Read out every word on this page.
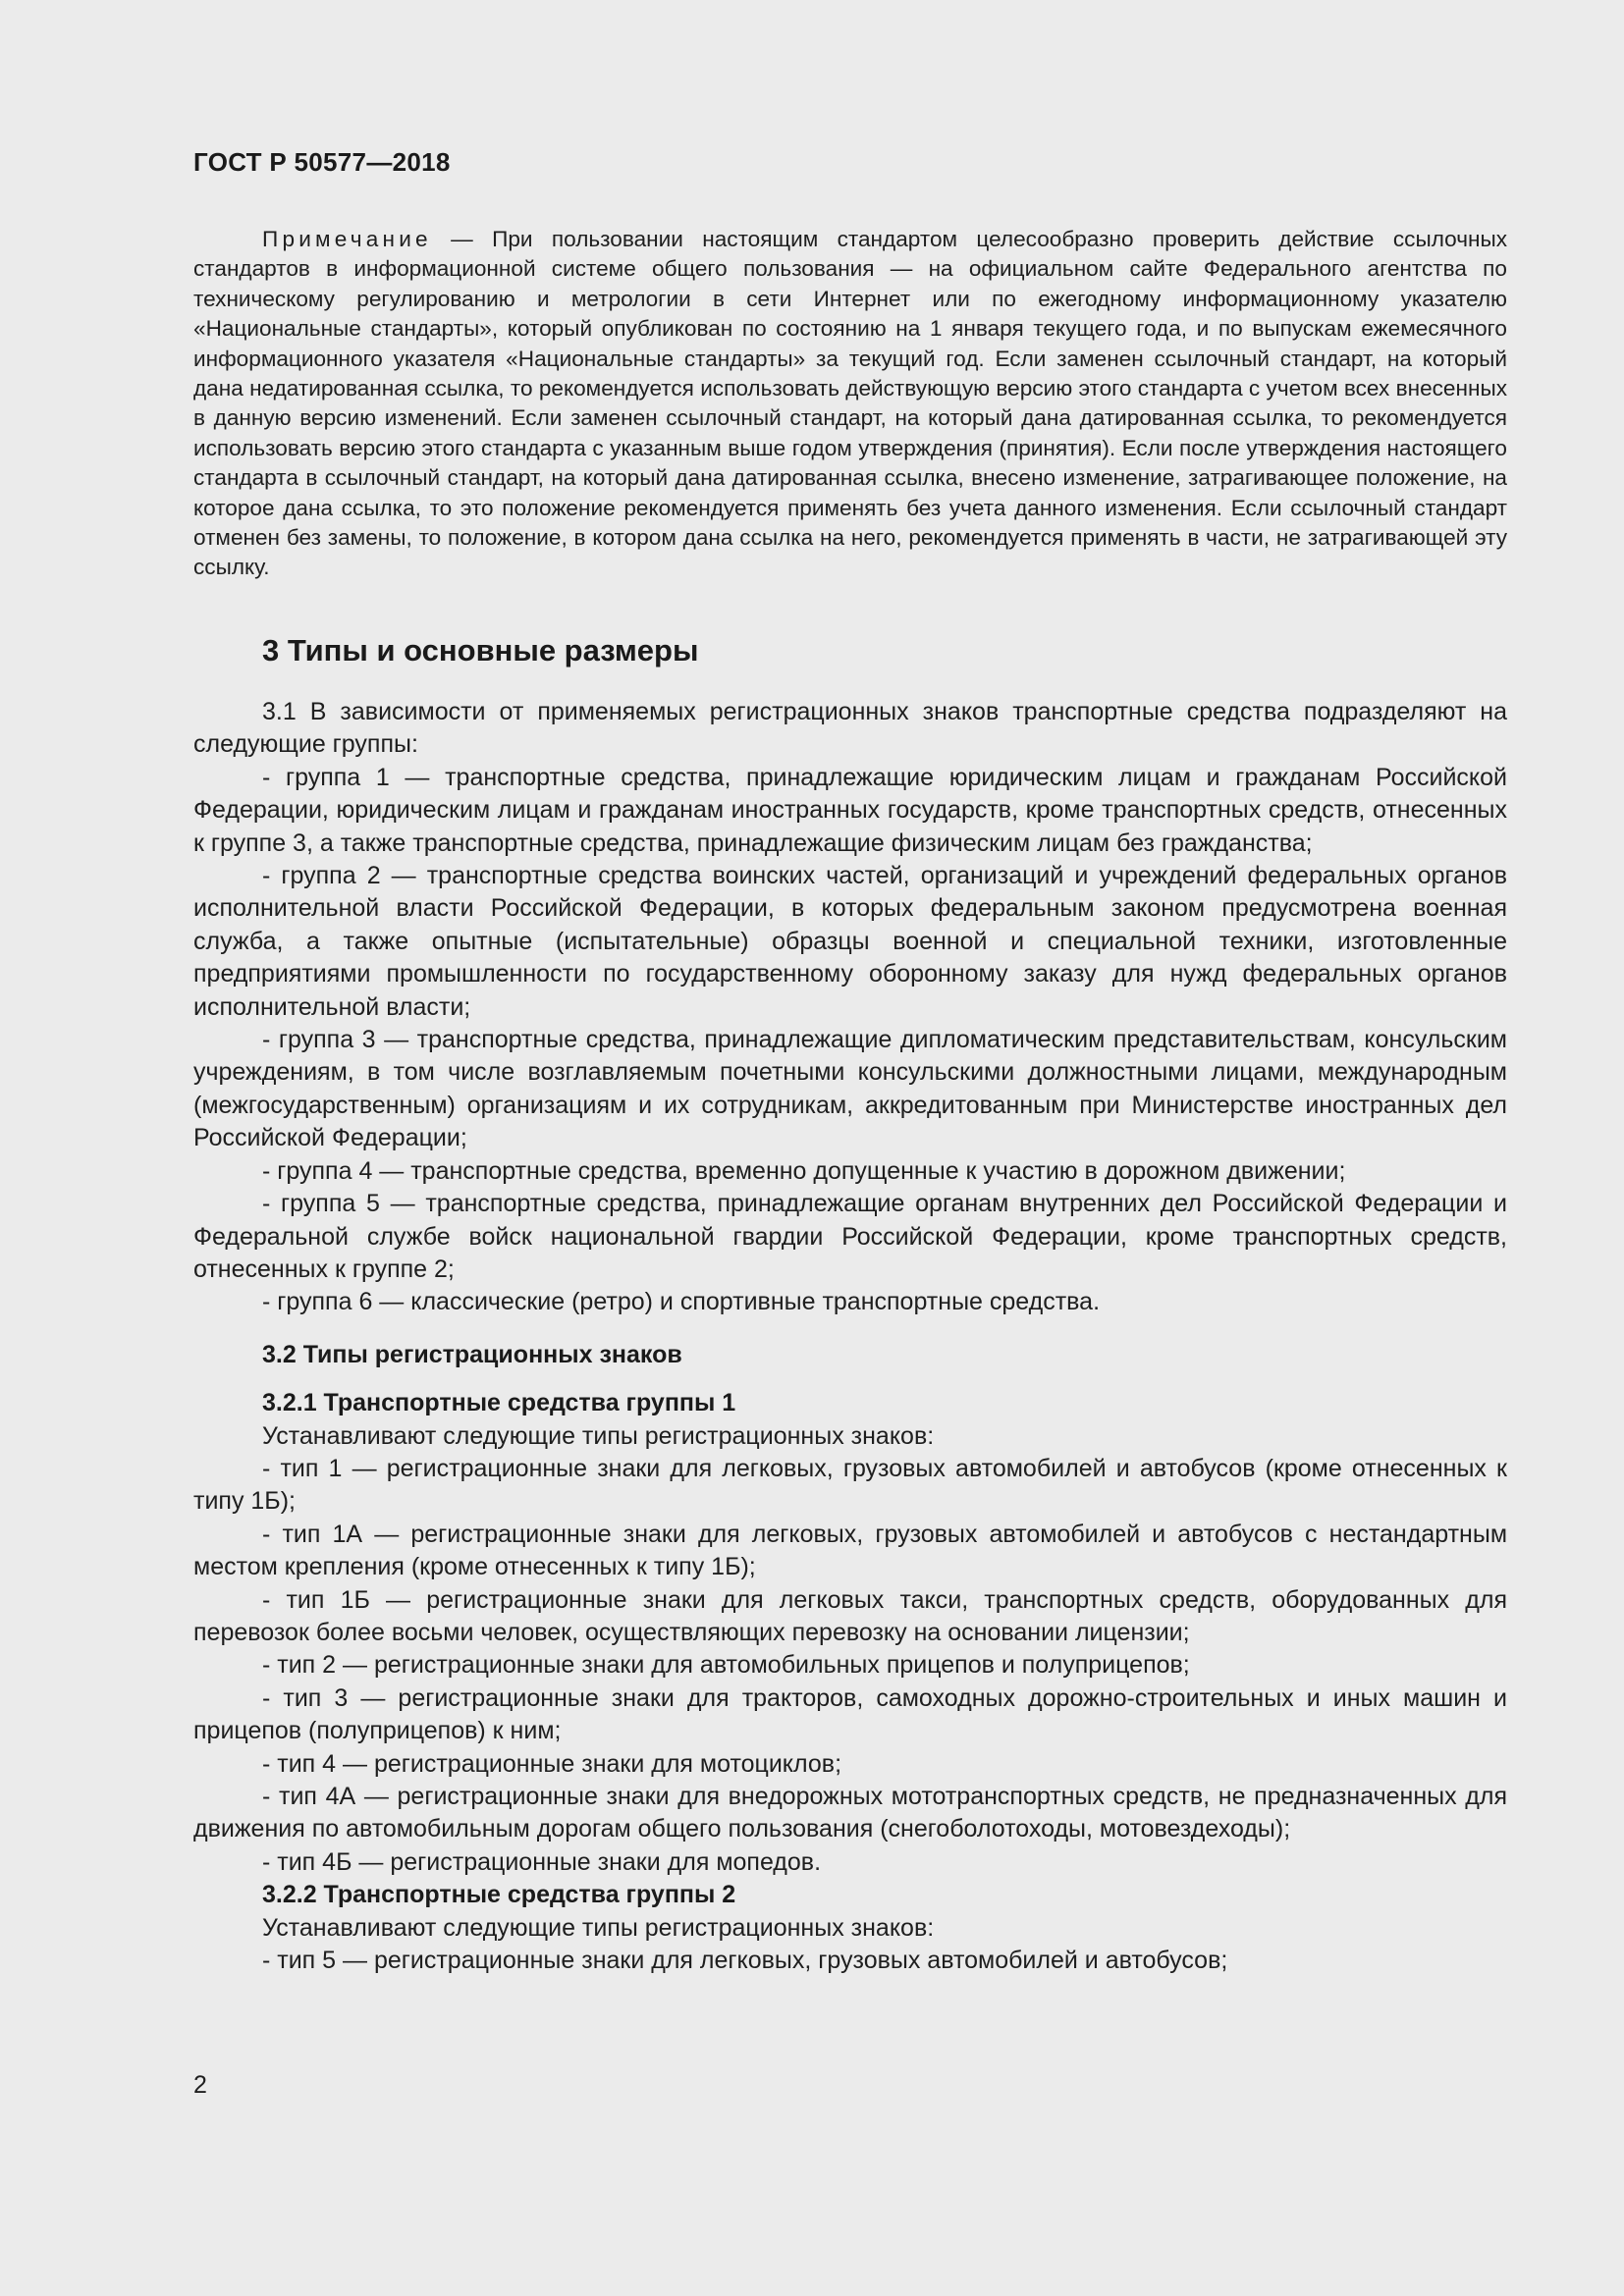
ГОСТ Р 50577—2018

Примечание — При пользовании настоящим стандартом целесообразно проверить действие ссылочных стандартов в информационной системе общего пользования — на официальном сайте Федерального агентства по техническому регулированию и метрологии в сети Интернет или по ежегодному информационному указателю «Национальные стандарты», который опубликован по состоянию на 1 января текущего года, и по выпускам ежемесячного информационного указателя «Национальные стандарты» за текущий год. Если заменен ссылочный стандарт, на который дана недатированная ссылка, то рекомендуется использовать действующую версию этого стандарта с учетом всех внесенных в данную версию изменений. Если заменен ссылочный стандарт, на который дана датированная ссылка, то рекомендуется использовать версию этого стандарта с указанным выше годом утверждения (принятия). Если после утверждения настоящего стандарта в ссылочный стандарт, на который дана датированная ссылка, внесено изменение, затрагивающее положение, на которое дана ссылка, то это положение рекомендуется применять без учета данного изменения. Если ссылочный стандарт отменен без замены, то положение, в котором дана ссылка на него, рекомендуется применять в части, не затрагивающей эту ссылку.

3 Типы и основные размеры

3.1 В зависимости от применяемых регистрационных знаков транспортные средства подразделяют на следующие группы:

- группа 1 — транспортные средства, принадлежащие юридическим лицам и гражданам Российской Федерации, юридическим лицам и гражданам иностранных государств, кроме транспортных средств, отнесенных к группе 3, а также транспортные средства, принадлежащие физическим лицам без гражданства;

- группа 2 — транспортные средства воинских частей, организаций и учреждений федеральных органов исполнительной власти Российской Федерации, в которых федеральным законом предусмотрена военная служба, а также опытные (испытательные) образцы военной и специальной техники, изготовленные предприятиями промышленности по государственному оборонному заказу для нужд федеральных органов исполнительной власти;

- группа 3 — транспортные средства, принадлежащие дипломатическим представительствам, консульским учреждениям, в том числе возглавляемым почетными консульскими должностными лицами, международным (межгосударственным) организациям и их сотрудникам, аккредитованным при Министерстве иностранных дел Российской Федерации;

- группа 4 — транспортные средства, временно допущенные к участию в дорожном движении;

- группа 5 — транспортные средства, принадлежащие органам внутренних дел Российской Федерации и Федеральной службе войск национальной гвардии Российской Федерации, кроме транспортных средств, отнесенных к группе 2;

- группа 6 — классические (ретро) и спортивные транспортные средства.

3.2 Типы регистрационных знаков

3.2.1 Транспортные средства группы 1

Устанавливают следующие типы регистрационных знаков:

- тип 1 — регистрационные знаки для легковых, грузовых автомобилей и автобусов (кроме отнесенных к типу 1Б);

- тип 1А — регистрационные знаки для легковых, грузовых автомобилей и автобусов с нестандартным местом крепления (кроме отнесенных к типу 1Б);

- тип 1Б — регистрационные знаки для легковых такси, транспортных средств, оборудованных для перевозок более восьми человек, осуществляющих перевозку на основании лицензии;

- тип 2 — регистрационные знаки для автомобильных прицепов и полуприцепов;

- тип 3 — регистрационные знаки для тракторов, самоходных дорожно-строительных и иных машин и прицепов (полуприцепов) к ним;

- тип 4 — регистрационные знаки для мотоциклов;

- тип 4А — регистрационные знаки для внедорожных мототранспортных средств, не предназначенных для движения по автомобильным дорогам общего пользования (снегоболотоходы, мотовездеходы);

- тип 4Б — регистрационные знаки для мопедов.

3.2.2 Транспортные средства группы 2

Устанавливают следующие типы регистрационных знаков:

- тип 5 — регистрационные знаки для легковых, грузовых автомобилей и автобусов;

2
